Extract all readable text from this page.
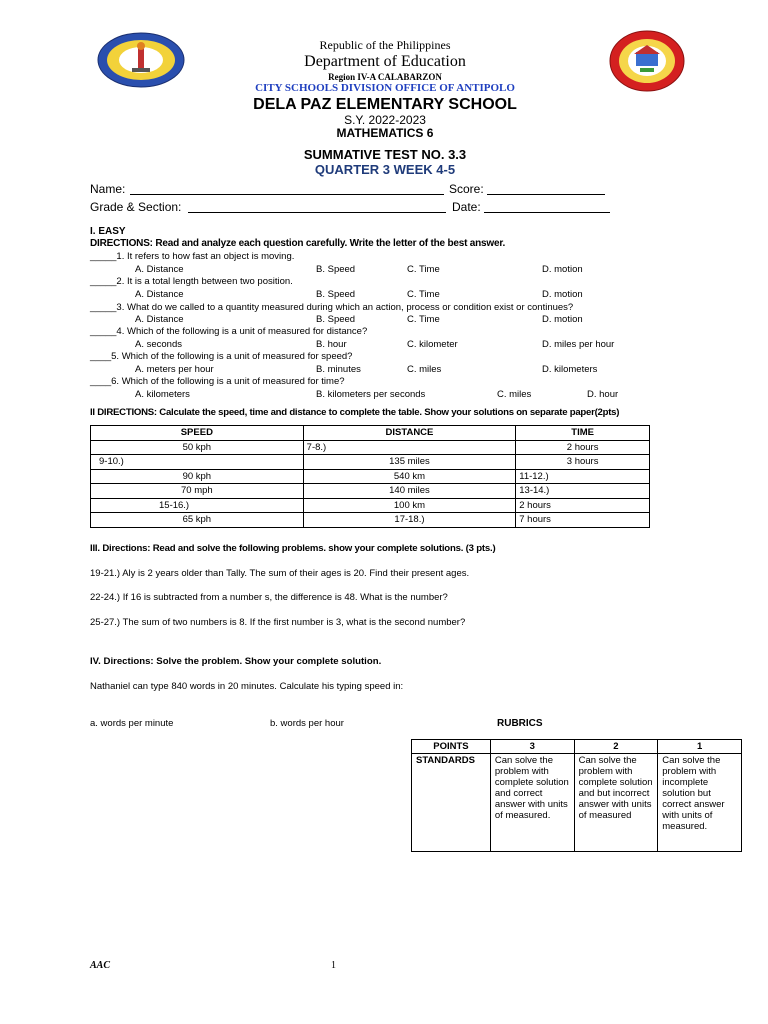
Republic of the Philippines
Department of Education
Region IV-A CALABARZON
CITY SCHOOLS DIVISION OFFICE OF ANTIPOLO
DELA PAZ ELEMENTARY SCHOOL
S.Y. 2022-2023
MATHEMATICS 6
SUMMATIVE TEST NO. 3.3
QUARTER 3 WEEK 4-5
Name:	Score:
Grade & Section:	Date:
I. EASY
DIRECTIONS: Read and analyze each question carefully. Write the letter of the best answer.
_____1. It refers to how fast an object is moving.
A. Distance	B. Speed	C. Time	D. motion
_____2. It is a total length between two position.
A. Distance	B. Speed	C. Time	D. motion
_____3. What do we called to a quantity measured during which an action, process or condition exist or continues?
A. Distance	B. Speed	C. Time	D. motion
_____4. Which of the following is a unit of measured for distance?
A. seconds	B. hour	C. kilometer	D. miles per hour
____5. Which of the following is a unit of measured for speed?
A. meters per hour	B. minutes	C. miles	D. kilometers
____6. Which of the following is a unit of measured for time?
A. kilometers	B. kilometers per seconds	C. miles	D. hour
II DIRECTIONS: Calculate the speed, time and distance to complete the table. Show your solutions on separate paper(2pts)
SPEED	DISTANCE	TIME
50 kph	7-8.)	2 hours
9-10.)	135 miles	3 hours
90 kph	540 km	11-12.)
70 mph	140 miles	13-14.)
15-16.)	100 km	2 hours
65 kph	17-18.)	7 hours
III. Directions: Read and solve the following problems. show your complete solutions. (3 pts.)
19-21.) Aly is 2 years older than Tally. The sum of their ages is 20. Find their present ages.
22-24.) If 16 is subtracted from a number s, the difference is 48. What is the number?
25-27.) The sum of two numbers is 8. If the first number is 3, what is the second number?
IV. Directions: Solve the problem. Show your complete solution.
Nathaniel can type 840 words in 20 minutes. Calculate his typing speed in:
a. words per minute	b. words per hour	RUBRICS
POINTS	3	2	1
STANDARDS	Can solve the problem with complete solution and correct answer with units of measured.	Can solve the problem with complete solution and but incorrect answer with units of measured	Can solve the problem with incomplete solution but correct answer with units of measured.
AAC	1
